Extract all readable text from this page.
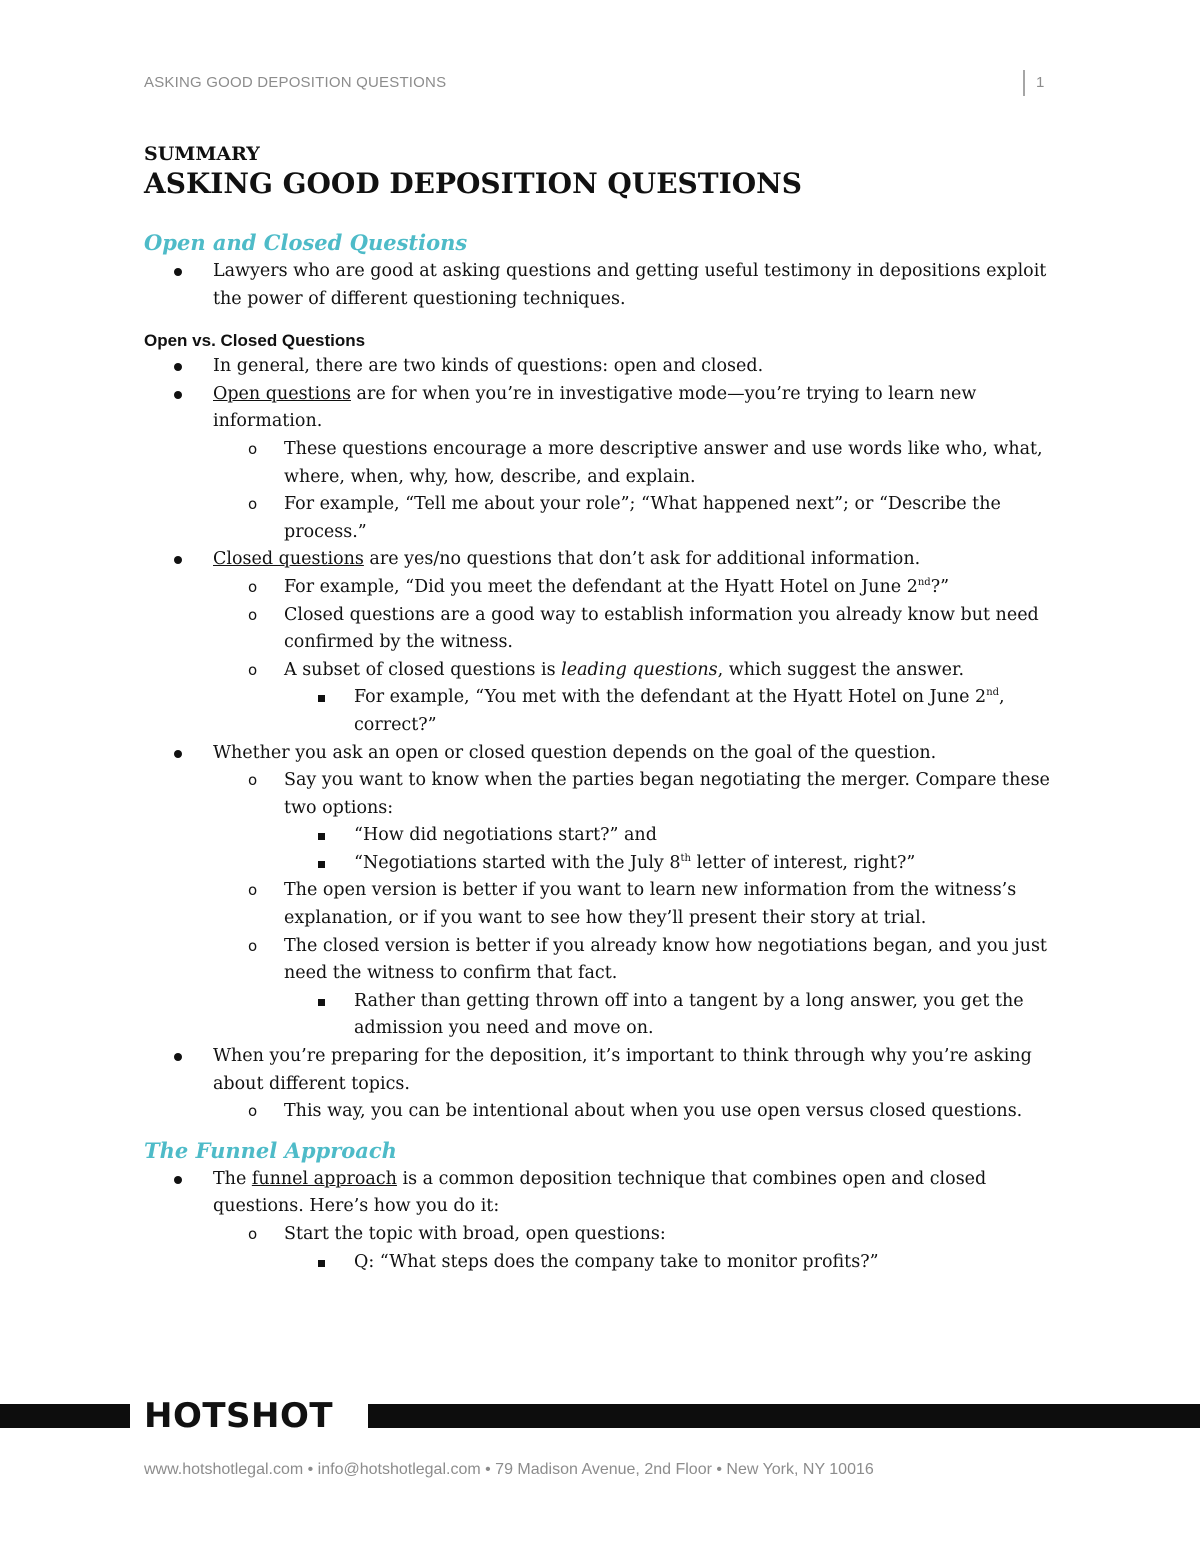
ASKING GOOD DEPOSITION QUESTIONS	1

SUMMARY

ASKING GOOD DEPOSITION QUESTIONS

Open and Closed Questions

Lawyers who are good at asking questions and getting useful testimony in depositions exploit the power of different questioning techniques.

Open vs. Closed Questions

In general, there are two kinds of questions: open and closed.
Open questions are for when you’re in investigative mode—you’re trying to learn new information.
o These questions encourage a more descriptive answer and use words like who, what, where, when, why, how, describe, and explain.
o For example, “Tell me about your role”; “What happened next”; or “Describe the process.”
Closed questions are yes/no questions that don’t ask for additional information.
o For example, “Did you meet the defendant at the Hyatt Hotel on June 2nd?”
o Closed questions are a good way to establish information you already know but need confirmed by the witness.
o A subset of closed questions is leading questions, which suggest the answer.
For example, “You met with the defendant at the Hyatt Hotel on June 2nd, correct?”
Whether you ask an open or closed question depends on the goal of the question.
o Say you want to know when the parties began negotiating the merger. Compare these two options:
“How did negotiations start?” and
“Negotiations started with the July 8th letter of interest, right?”
o The open version is better if you want to learn new information from the witness’s explanation, or if you want to see how they’ll present their story at trial.
o The closed version is better if you already know how negotiations began, and you just need the witness to confirm that fact.
Rather than getting thrown off into a tangent by a long answer, you get the admission you need and move on.
When you’re preparing for the deposition, it’s important to think through why you’re asking about different topics.
o This way, you can be intentional about when you use open versus closed questions.

The Funnel Approach

The funnel approach is a common deposition technique that combines open and closed questions. Here’s how you do it:
o Start the topic with broad, open questions:
Q: “What steps does the company take to monitor profits?”
HOTSHOT
www.hotshotlegal.com • info@hotshotlegal.com • 79 Madison Avenue, 2nd Floor • New York, NY 10016
